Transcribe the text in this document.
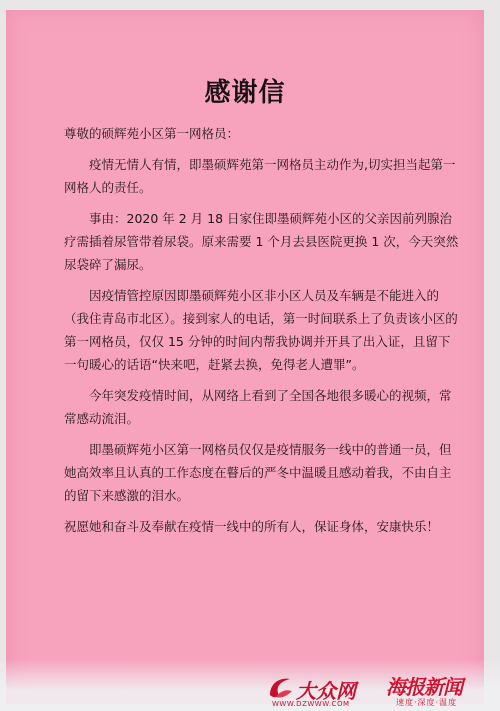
感谢信

尊敬的硕辉苑小区第一网格员：

疫情无情人有情，即墨硕辉苑第一网格员主动作为,切实担当起第一网格人的责任。

事由：2020 年 2 月 18 日家住即墨硕辉苑小区的父亲因前列腺治疗需插着尿管带着尿袋。原来需要 1 个月去县医院更换 1 次，今天突然尿袋碎了漏尿。

因疫情管控原因即墨硕辉苑小区非小区人员及车辆是不能进入的（我住青岛市北区）。接到家人的电话，第一时间联系上了负责该小区的第一网格员，仅仅 15 分钟的时间内帮我协调并开具了出入证，且留下一句暖心的话语“快来吧，赶紧去换，免得老人遭罪”。

今年突发疫情时间，从网络上看到了全国各地很多暖心的视频，常常感动流泪。

即墨硕辉苑小区第一网格员仅仅是疫情服务一线中的普通一员，但她高效率且认真的工作态度在瞽后的严冬中温暖且感动着我，不由自主的留下来感激的泪水。

祝愿她和奋斗及奉献在疫情一线中的所有人，保证身体，安康快乐！

大众网
WWW.DZWWW.COM
海报新闻
速度·深度·温度
